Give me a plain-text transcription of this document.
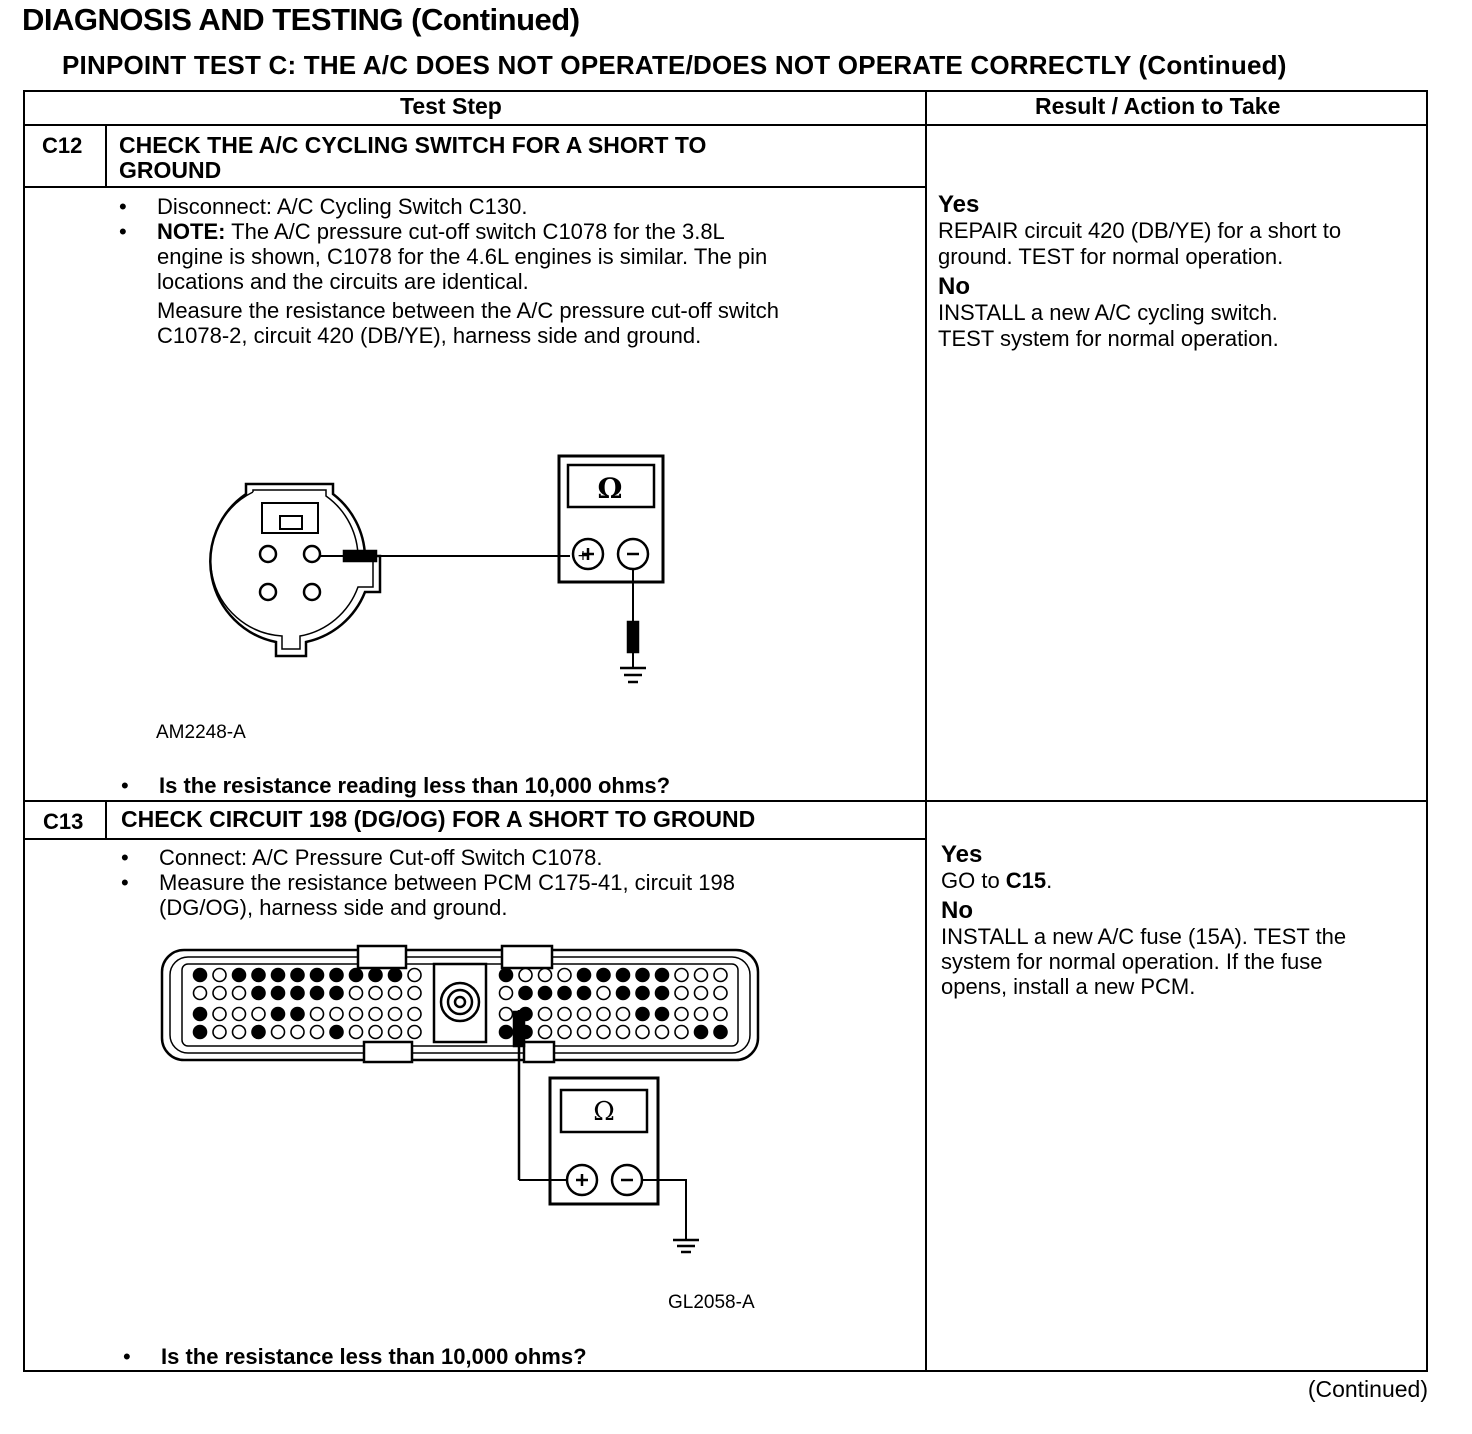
DIAGNOSIS AND TESTING (Continued)
PINPOINT TEST C: THE A/C DOES NOT OPERATE/DOES NOT OPERATE CORRECTLY (Continued)
Test Step	Result / Action to Take
C12 CHECK THE A/C CYCLING SWITCH FOR A SHORT TO
GROUND
• Disconnect: A/C Cycling Switch C130.
• NOTE: The A/C pressure cut-off switch C1078 for the 3.8L
engine is shown, C1078 for the 4.6L engines is similar. The pin
locations and the circuits are identical.
Measure the resistance between the A/C pressure cut-off switch
C1078-2, circuit 420 (DB/YE), harness side and ground.
Ω
+
AM2248-A
• Is the resistance reading less than 10,000 ohms?
Yes
REPAIR circuit 420 (DB/YE) for a short to
ground. TEST for normal operation.
No
INSTALL a new A/C cycling switch.
TEST system for normal operation.
C13 CHECK CIRCUIT 198 (DG/OG) FOR A SHORT TO GROUND
• Connect: A/C Pressure Cut-off Switch C1078.
• Measure the resistance between PCM C175-41, circuit 198
(DG/OG), harness side and ground.
Ω
GL2058-A
• Is the resistance less than 10,000 ohms?
Yes
GO to C15.
No
INSTALL a new A/C fuse (15A). TEST the
system for normal operation. If the fuse
opens, install a new PCM.
(Continued)
